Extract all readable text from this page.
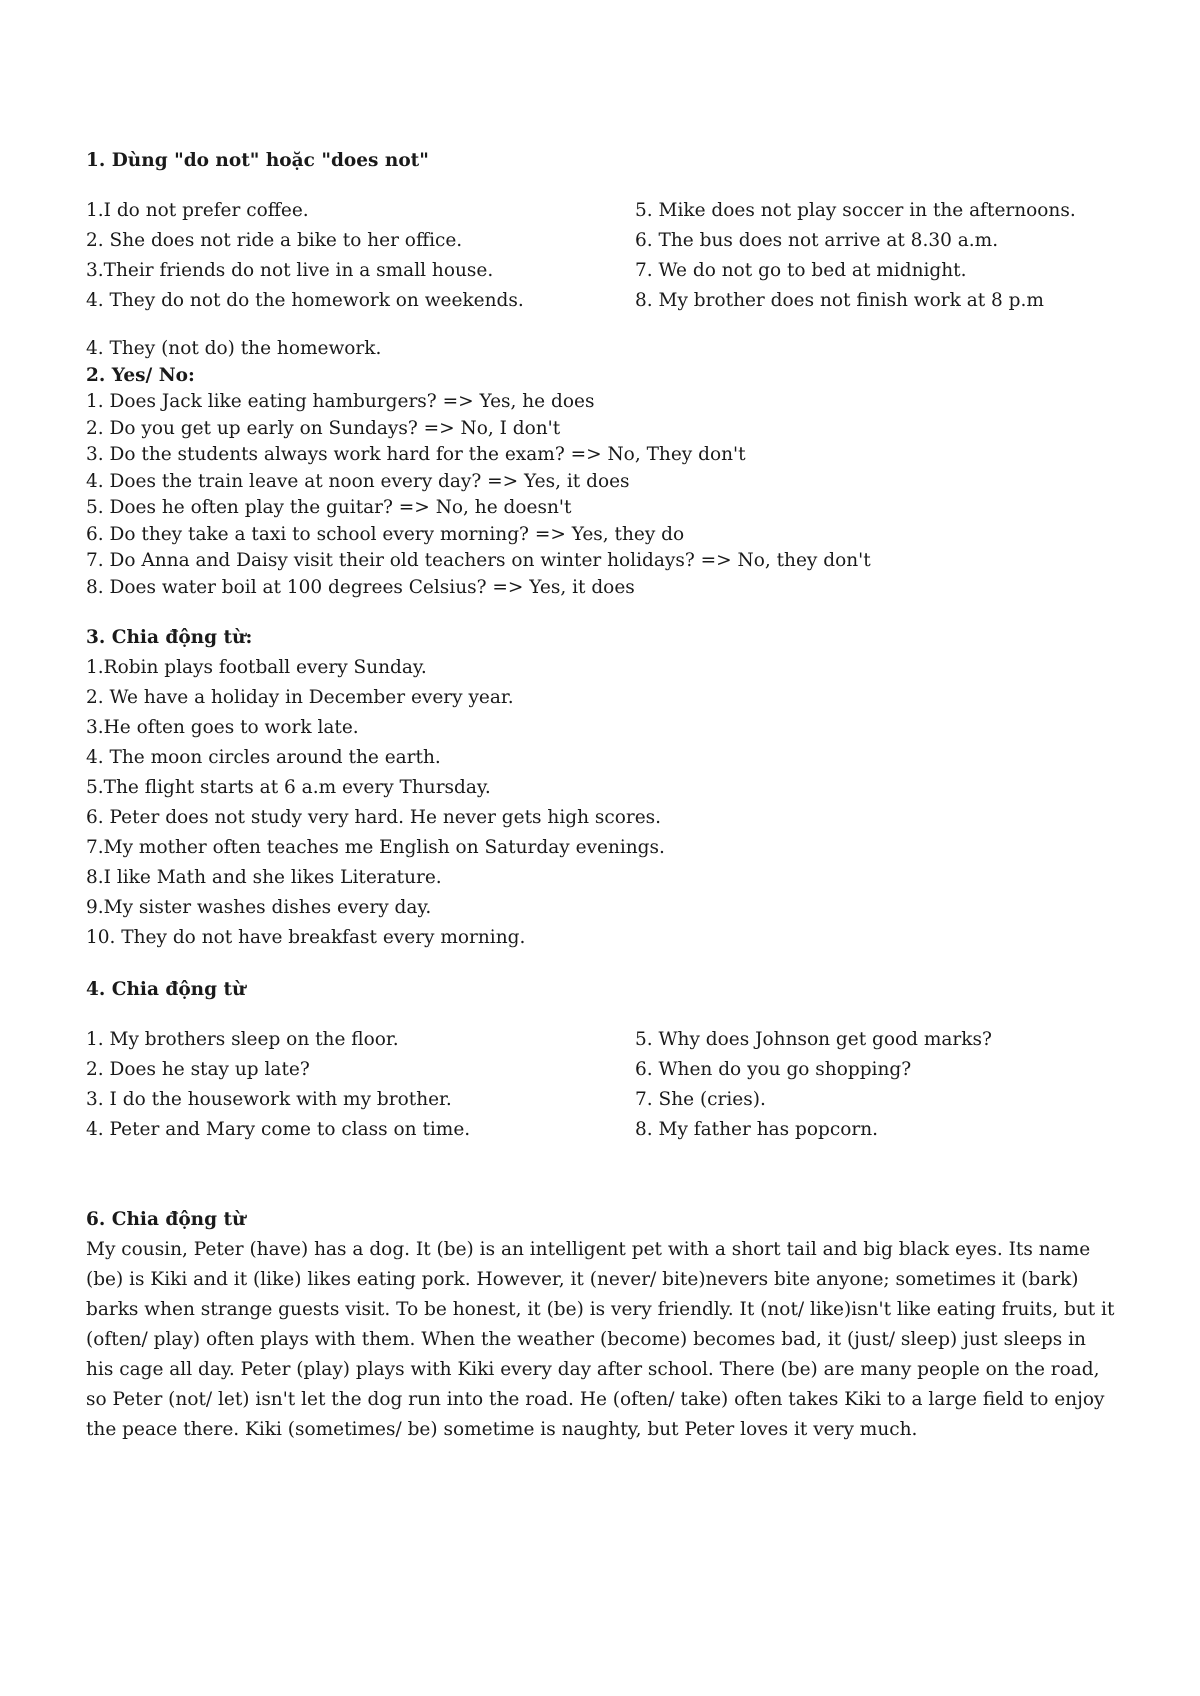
1. Dùng "do not" hoặc "does not"
1.I do not prefer coffee.
2. She does not ride a bike to her office.
3.Their friends do not live in a small house.
4. They do not do the homework on weekends.
5. Mike does not play soccer in the afternoons.
6. The bus does not arrive at 8.30 a.m.
7. We do not go to bed at midnight.
8. My brother does not finish work at 8 p.m
4. They (not do) the homework.
2. Yes/ No:
1. Does Jack like eating hamburgers? => Yes, he does
2. Do you get up early on Sundays? => No, I don't
3. Do the students always work hard for the exam? => No, They don't
4. Does the train leave at noon every day? => Yes, it does
5. Does he often play the guitar? => No, he doesn't
6. Do they take a taxi to school every morning? => Yes, they do
7. Do Anna and Daisy visit their old teachers on winter holidays? => No, they don't
8. Does water boil at 100 degrees Celsius? => Yes, it does
3. Chia động từ:
1.Robin plays football every Sunday.
2. We have a holiday in December every year.
3.He often goes to work late.
4. The moon circles around the earth.
5.The flight starts at 6 a.m every Thursday.
6. Peter does not study very hard. He never gets high scores.
7.My mother often teaches me English on Saturday evenings.
8.I like Math and she likes Literature.
9.My sister washes dishes every day.
10. They do not have breakfast every morning.
4. Chia động từ
1. My brothers sleep on the floor.
2. Does he stay up late?
3. I do the housework with my brother.
4. Peter and Mary come to class on time.
5. Why does Johnson get good marks?
6. When do you go shopping?
7. She (cries).
8. My father has popcorn.
6. Chia động từ
My cousin, Peter (have) has a dog. It (be) is an intelligent pet with a short tail and big black eyes. Its name (be) is Kiki and it (like) likes eating pork. However, it (never/ bite)nevers bite anyone; sometimes it (bark) barks when strange guests visit. To be honest, it (be) is very friendly. It (not/ like)isn't like eating fruits, but it (often/ play) often plays with them. When the weather (become) becomes bad, it (just/ sleep) just sleeps in his cage all day. Peter (play) plays with Kiki every day after school. There (be) are many people on the road, so Peter (not/ let) isn't let the dog run into the road. He (often/ take) often takes Kiki to a large field to enjoy the peace there. Kiki (sometimes/ be) sometime is naughty, but Peter loves it very much.
